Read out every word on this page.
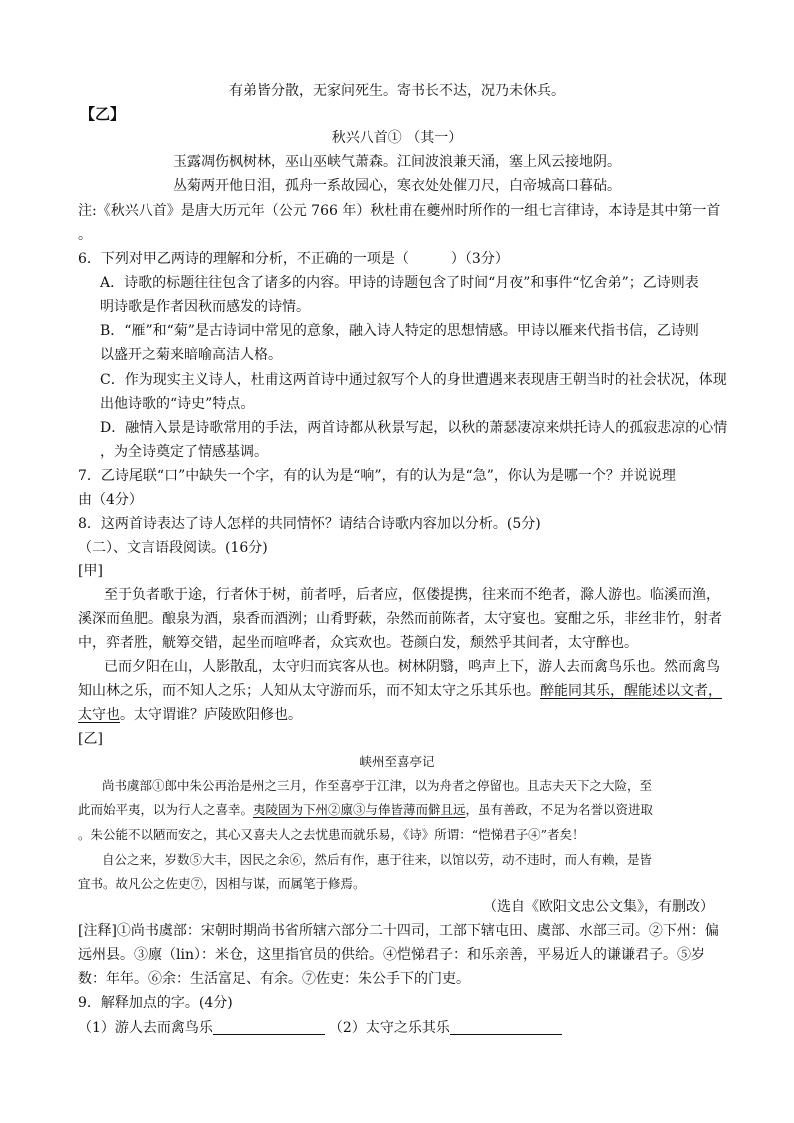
有弟皆分散，无家问死生。寄书长不达，况乃未休兵。
【乙】
秋兴八首① （其一）
玉露凋伤枫树林，巫山巫峡气萧森。江间波浪兼天涌，塞上风云接地阴。
丛菊两开他日泪，孤舟一系故园心，寒衣处处催刀尺，白帝城高口暮砧。
注:《秋兴八首》是唐大历元年（公元 766 年）秋杜甫在夔州时所作的一组七言律诗，本诗是其中第一首
。
6．下列对甲乙两诗的理解和分析，不正确的一项是（　　　）（3分）
A．诗歌的标题往往包含了诸多的内容。甲诗的诗题包含了时间“月夜”和事件“忆舍弟”；乙诗则表
明诗歌是作者因秋而感发的诗情。
B．“雁”和“菊”是古诗词中常见的意象，融入诗人特定的思想情感。甲诗以雁来代指书信，乙诗则
以盛开之菊来暗喻高洁人格。
C．作为现实主义诗人，杜甫这两首诗中通过叙写个人的身世遭遇来表现唐王朝当时的社会状况，体现
出他诗歌的“诗史”特点。
D．融情入景是诗歌常用的手法，两首诗都从秋景写起，以秋的萧瑟凄凉来烘托诗人的孤寂悲凉的心情
，为全诗奠定了情感基调。
7．乙诗尾联“口”中缺失一个字，有的认为是“响”，有的认为是“急”，你认为是哪一个？并说说理
由（4分）
8．这两首诗表达了诗人怎样的共同情怀？请结合诗歌内容加以分析。(5分)
（二）、文言语段阅读。(16分)
[甲]
至于负者歌于途，行者休于树，前者呼，后者应，伛偻提携，往来而不绝者，滁人游也。临溪而渔，
溪深而鱼肥。酿泉为酒，泉香而酒洌；山肴野蔌，杂然而前陈者，太守宴也。宴酣之乐，非丝非竹，射者
中，弈者胜，觥筹交错，起坐而喧哗者，众宾欢也。苍颜白发，颓然乎其间者，太守醉也。
已而夕阳在山，人影散乱，太守归而宾客从也。树林阴翳，鸣声上下，游人去而禽鸟乐也。然而禽鸟
知山林之乐，而不知人之乐；人知从太守游而乐，而不知太守之乐其乐也。醉能同其乐，醒能述以文者，
太守也。太守谓谁？庐陵欧阳修也。
[乙]
峡州至喜亭记
尚书虞部①郎中朱公再治是州之三月，作至喜亭于江津，以为舟者之停留也。且志夫天下之大险，至
此而始平夷，以为行人之喜幸。夷陵固为下州②廪③与俸皆薄而僻且远，虽有善政，不足为名誉以资进取
。朱公能不以陋而安之，其心又喜夫人之去忧患而就乐易，《诗》所谓：“恺悌君子④”者矣！
自公之来，岁数⑤大丰，因民之余⑥，然后有作，惠于往来，以馆以劳，动不违时，而人有赖，是皆
宜书。故凡公之佐吏⑦，因相与谋，而属笔于修焉。
（选自《欧阳文忠公文集》，有删改）
[注释]①尚书虞部：宋朝时期尚书省所辖六部分二十四司，工部下辖屯田、虞部、水部三司。②下州：偏
远州县。③廪（lin）：米仓，这里指官员的供给。④恺悌君子：和乐亲善，平易近人的谦谦君子。⑤岁
数：年年。⑥余：生活富足、有余。⑦佐吏：朱公手下的门吏。
9．解释加点的字。(4分)
（1）游人去而禽鸟乐	（2）太守之乐其乐
